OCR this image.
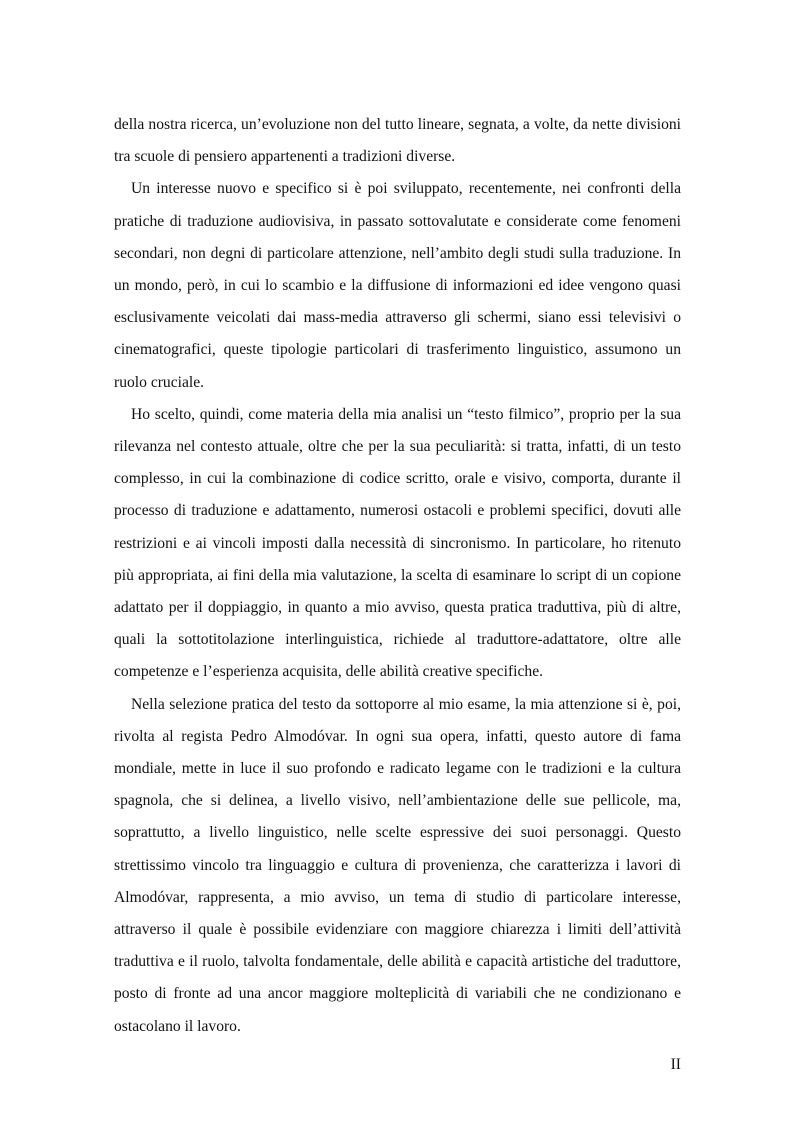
della nostra ricerca, un’evoluzione non del tutto lineare, segnata, a volte, da nette divisioni tra scuole di pensiero appartenenti a tradizioni diverse.

Un interesse nuovo e specifico si è poi sviluppato, recentemente, nei confronti della pratiche di traduzione audiovisiva, in passato sottovalutate e considerate come fenomeni secondari, non degni di particolare attenzione, nell’ambito degli studi sulla traduzione. In un mondo, però, in cui lo scambio e la diffusione di informazioni ed idee vengono quasi esclusivamente veicolati dai mass-media attraverso gli schermi, siano essi televisivi o cinematografici, queste tipologie particolari di trasferimento linguistico, assumono un ruolo cruciale.

Ho scelto, quindi, come materia della mia analisi un “testo filmico”, proprio per la sua rilevanza nel contesto attuale, oltre che per la sua peculiarità: si tratta, infatti, di un testo complesso, in cui la combinazione di codice scritto, orale e visivo, comporta, durante il processo di traduzione e adattamento, numerosi ostacoli e problemi specifici, dovuti alle restrizioni e ai vincoli imposti dalla necessità di sincronismo. In particolare, ho ritenuto più appropriata, ai fini della mia valutazione, la scelta di esaminare lo script di un copione adattato per il doppiaggio, in quanto a mio avviso, questa pratica traduttiva, più di altre, quali la sottotitolazione interlinguistica, richiede al traduttore-adattatore, oltre alle competenze e l’esperienza acquisita, delle abilità creative specifiche.

Nella selezione pratica del testo da sottoporre al mio esame, la mia attenzione si è, poi, rivolta al regista Pedro Almodóvar. In ogni sua opera, infatti, questo autore di fama mondiale, mette in luce il suo profondo e radicato legame con le tradizioni e la cultura spagnola, che si delinea, a livello visivo, nell’ambientazione delle sue pellicole, ma, soprattutto, a livello linguistico, nelle scelte espressive dei suoi personaggi. Questo strettissimo vincolo tra linguaggio e cultura di provenienza, che caratterizza i lavori di Almodóvar, rappresenta, a mio avviso, un tema di studio di particolare interesse, attraverso il quale è possibile evidenziare con maggiore chiarezza i limiti dell’attività traduttiva e il ruolo, talvolta fondamentale, delle abilità e capacità artistiche del traduttore, posto di fronte ad una ancor maggiore molteplicità di variabili che ne condizionano e ostacolano il lavoro.

II
